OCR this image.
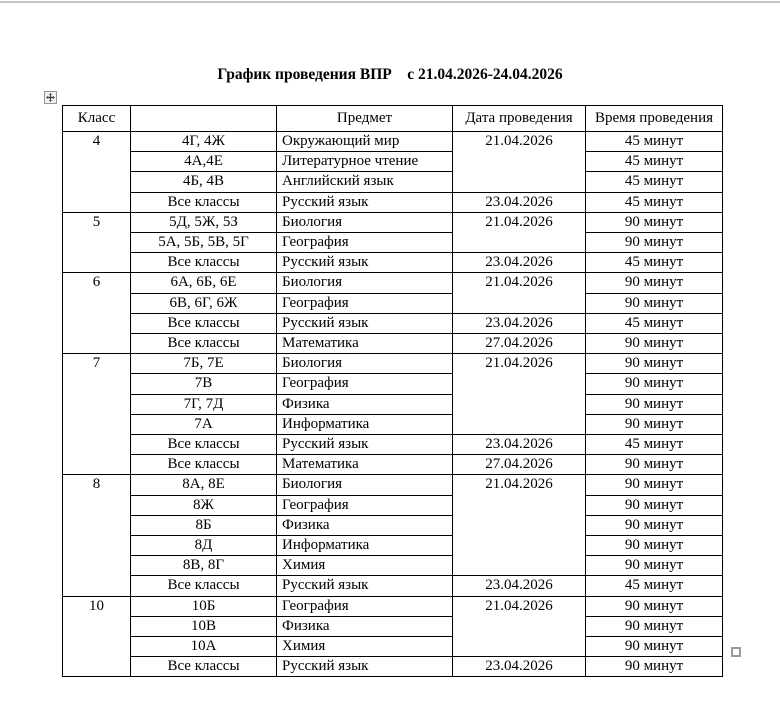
График проведения ВПР    с 21.04.2026-24.04.2026
Класс		Предмет	Дата проведения	Время проведения
4	4Г, 4Ж	Окружающий мир	21.04.2026	45 минут
	4А,4Е	Литературное чтение		45 минут
	4Б, 4В	Английский язык		45 минут
	Все классы	Русский язык	23.04.2026	45 минут
5	5Д, 5Ж, 5З	Биология	21.04.2026	90 минут
	5А, 5Б, 5В, 5Г	География		90 минут
	Все классы	Русский язык	23.04.2026	45 минут
6	6А, 6Б, 6Е	Биология	21.04.2026	90 минут
	6В, 6Г, 6Ж	География		90 минут
	Все классы	Русский язык	23.04.2026	45 минут
	Все классы	Математика	27.04.2026	90 минут
7	7Б, 7Е	Биология	21.04.2026	90 минут
	7В	География		90 минут
	7Г, 7Д	Физика		90 минут
	7А	Информатика		90 минут
	Все классы	Русский язык	23.04.2026	45 минут
	Все классы	Математика	27.04.2026	90 минут
8	8А, 8Е	Биология	21.04.2026	90 минут
	8Ж	География		90 минут
	8Б	Физика		90 минут
	8Д	Информатика		90 минут
	8В, 8Г	Химия		90 минут
	Все классы	Русский язык	23.04.2026	45 минут
10	10Б	География	21.04.2026	90 минут
	10В	Физика		90 минут
	10А	Химия		90 минут
	Все классы	Русский язык	23.04.2026	90 минут
